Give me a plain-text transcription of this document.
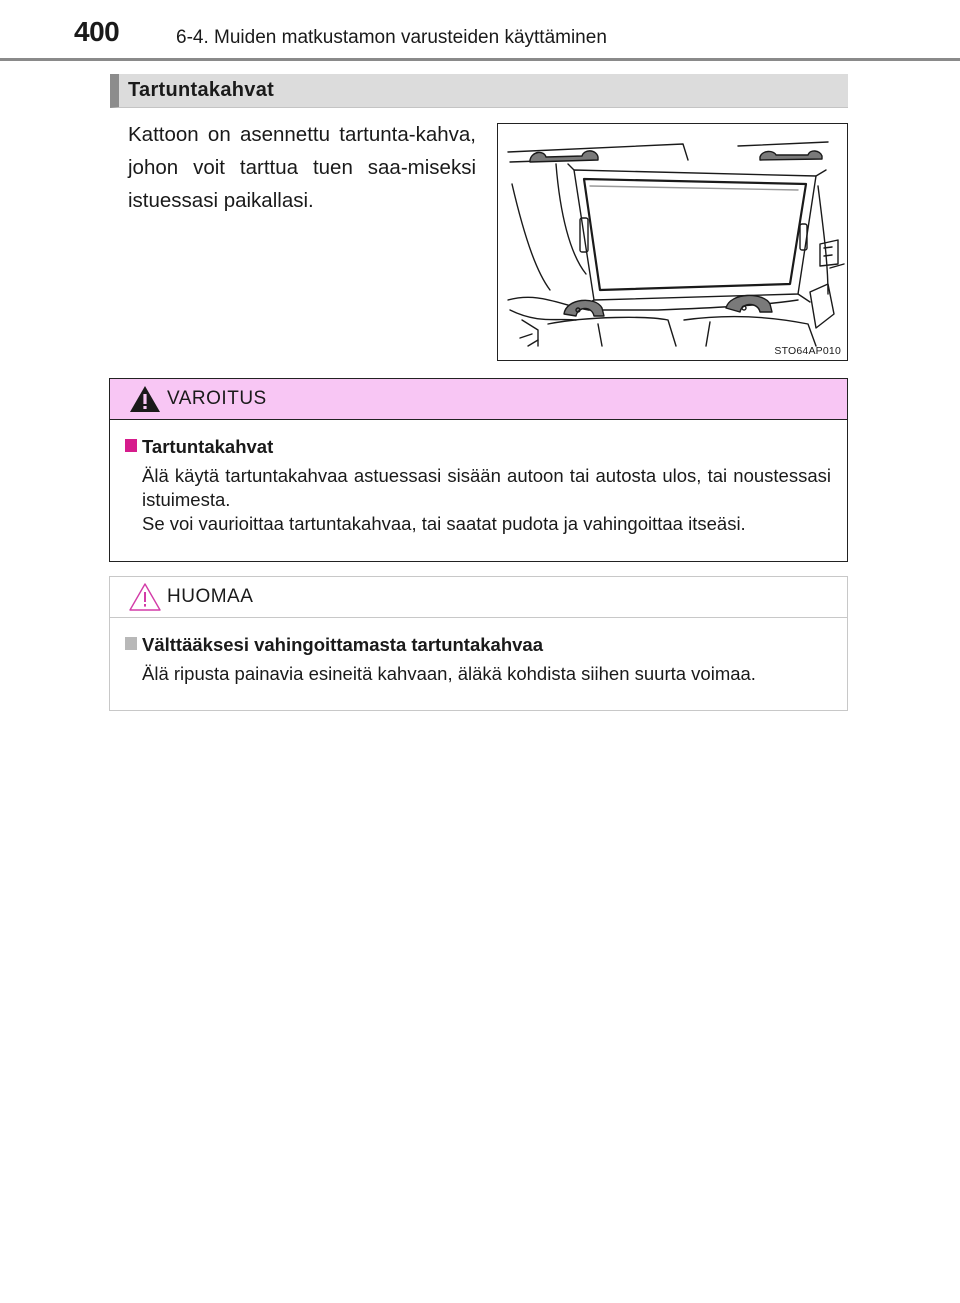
400	6-4. Muiden matkustamon varusteiden käyttäminen
Tartuntakahvat
Kattoon on asennettu tartunta-kahva, johon voit tarttua tuen saa-miseksi istuessasi paikallasi.
STO64AP010
VAROITUS
Tartuntakahvat

Älä käytä tartuntakahvaa astuessasi sisään autoon tai autosta ulos, tai noustessasi istuimesta.

Se voi vaurioittaa tartuntakahvaa, tai saatat pudota ja vahingoittaa itseäsi.

HUOMAA
Välttääksesi vahingoittamasta tartuntakahvaa

Älä ripusta painavia esineitä kahvaan, äläkä kohdista siihen suurta voimaa.
